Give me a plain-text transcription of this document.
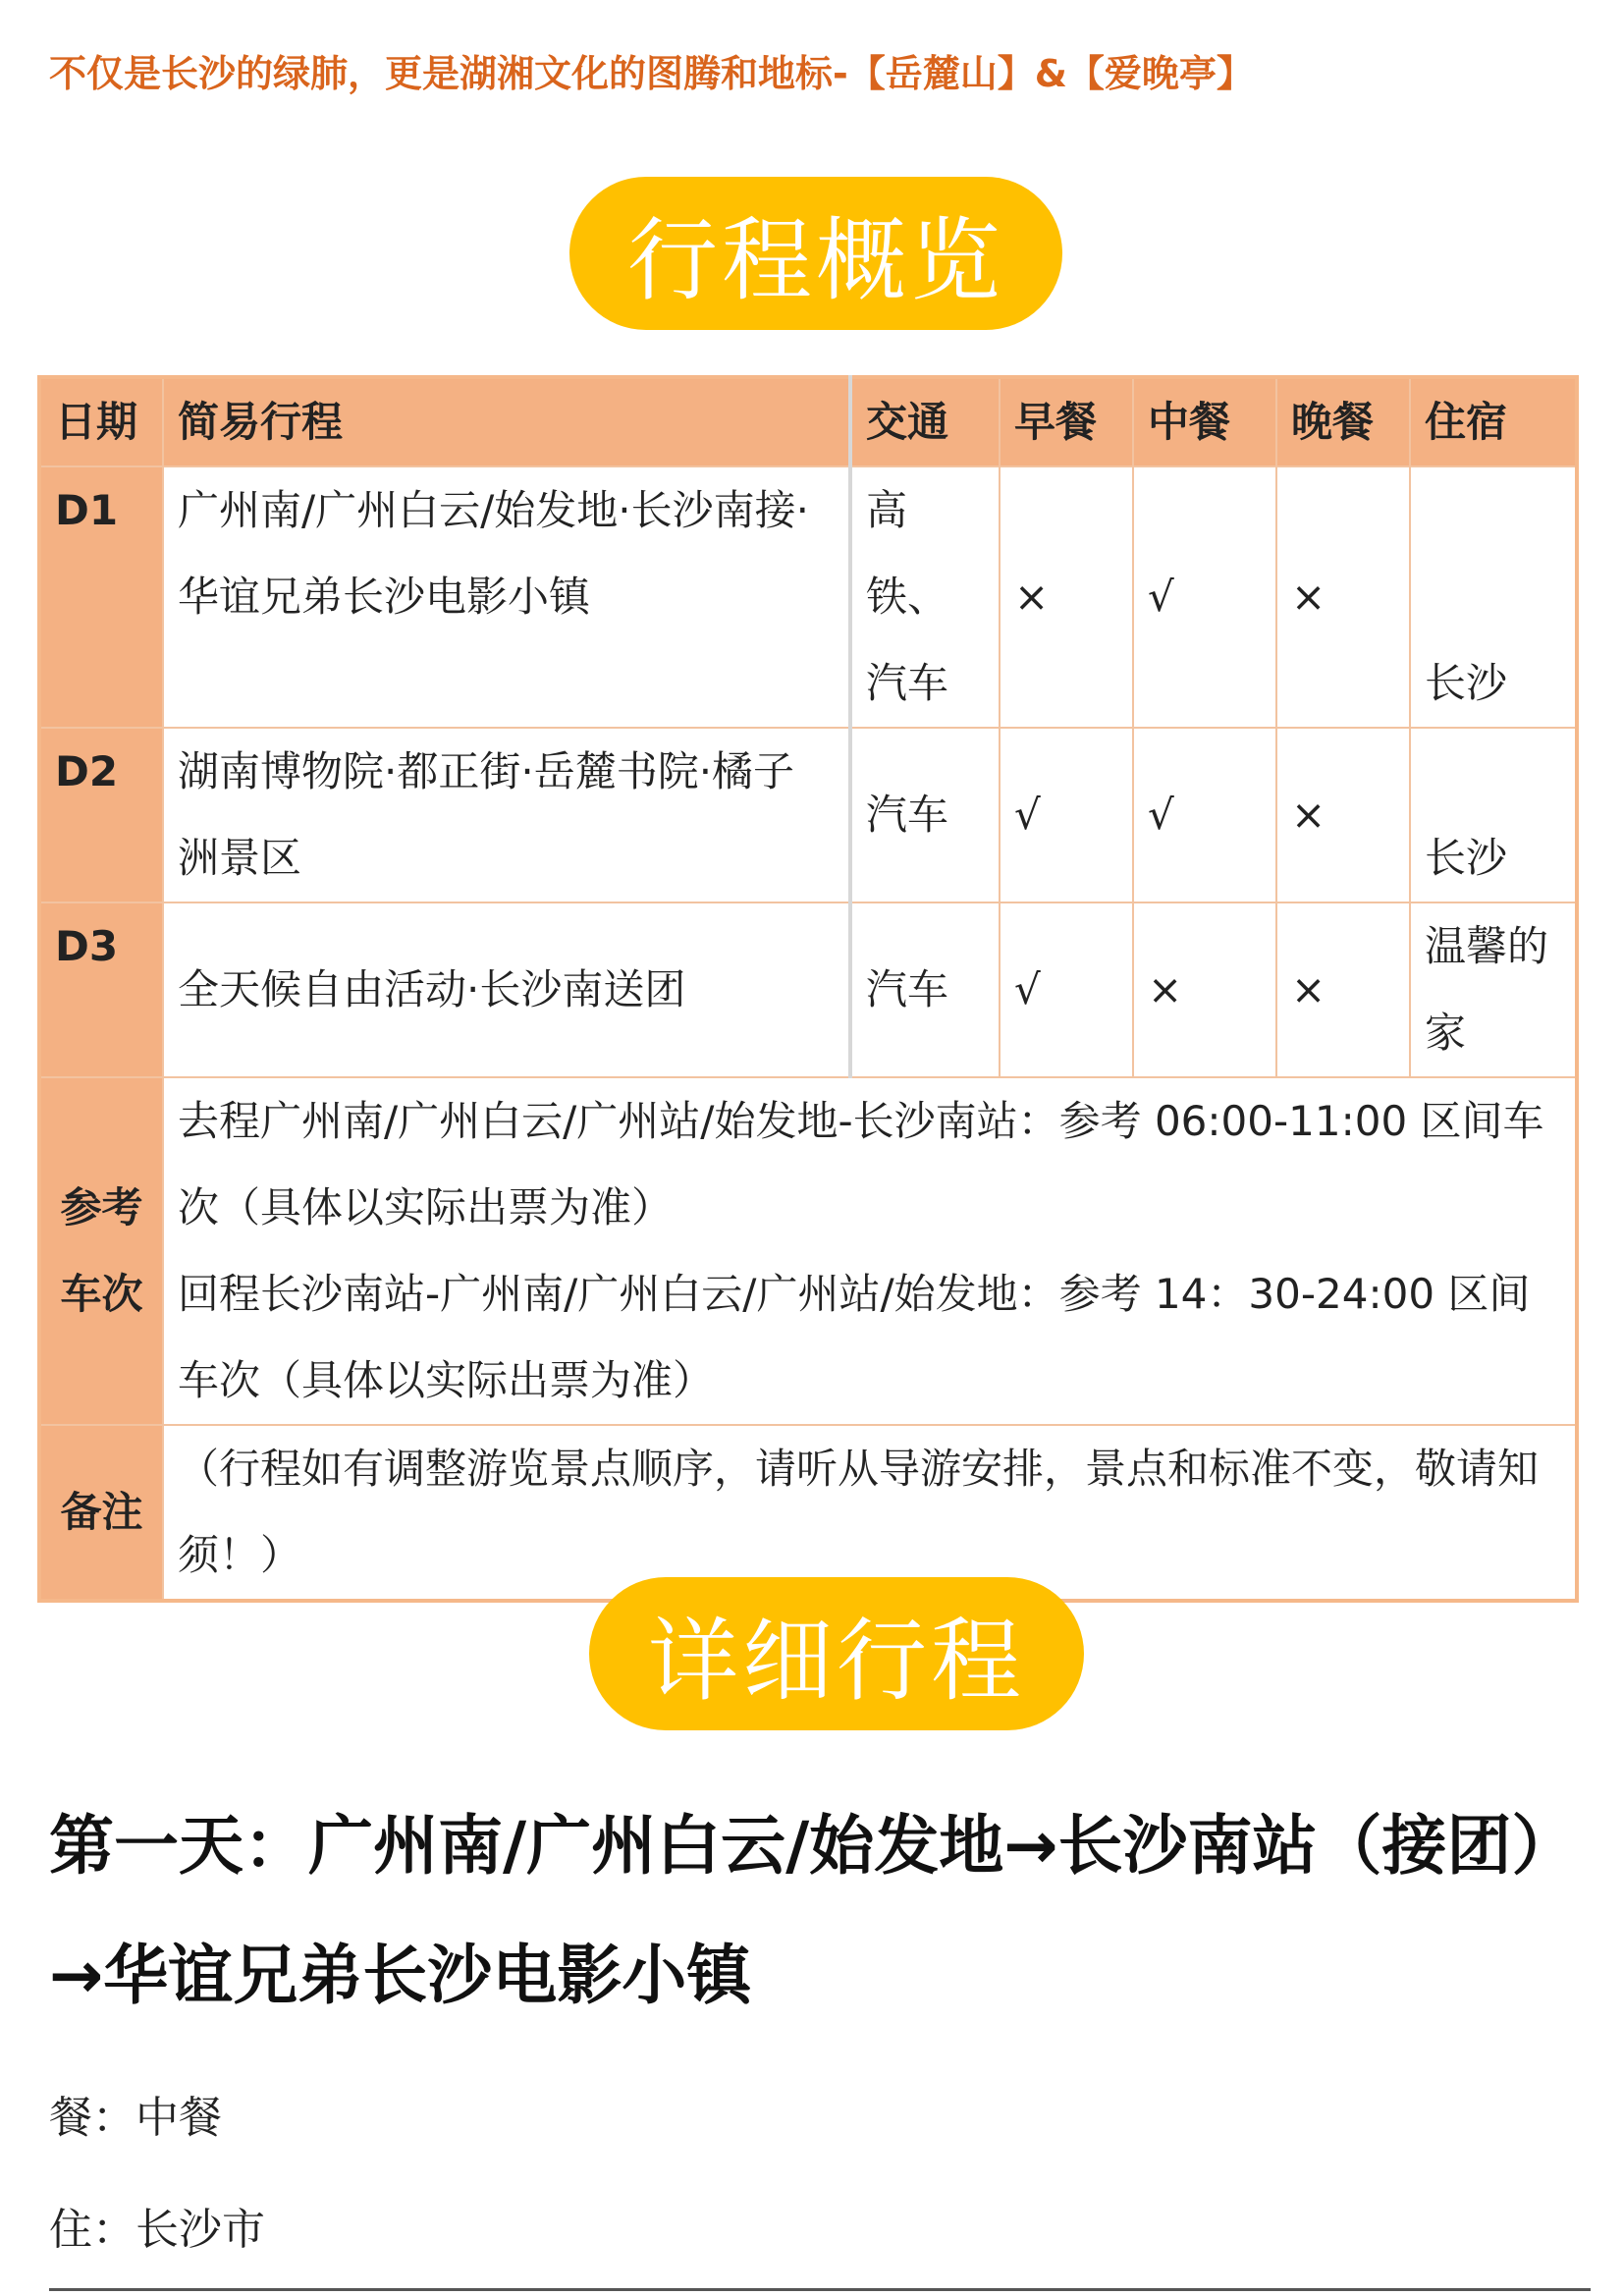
不仅是长沙的绿肺，更是湖湘文化的图腾和地标-【岳麓山】&【爱晚亭】
行程概览
日期	简易行程	交通	早餐	中餐	晚餐	住宿
D1	广州南/广州白云/始发地·长沙南接·华谊兄弟长沙电影小镇	高铁、汽车	×	√	×	长沙
D2	湖南博物院·都正街·岳麓书院·橘子洲景区	汽车	√	√	×	长沙
D3	全天候自由活动·长沙南送团	汽车	√	×	×	温馨的家
参考车次	去程广州南/广州白云/广州站/始发地-长沙南站：参考 06:00-11:00 区间车次（具体以实际出票为准）
回程长沙南站-广州南/广州白云/广州站/始发地：参考 14：30-24:00 区间车次（具体以实际出票为准）					

备注	（行程如有调整游览景点顺序，请听从导游安排，景点和标准不变，敬请知须！）					
详细行程
第一天：广州南/广州白云/始发地→长沙南站（接团）→华谊兄弟长沙电影小镇
餐：中餐
住：长沙市
